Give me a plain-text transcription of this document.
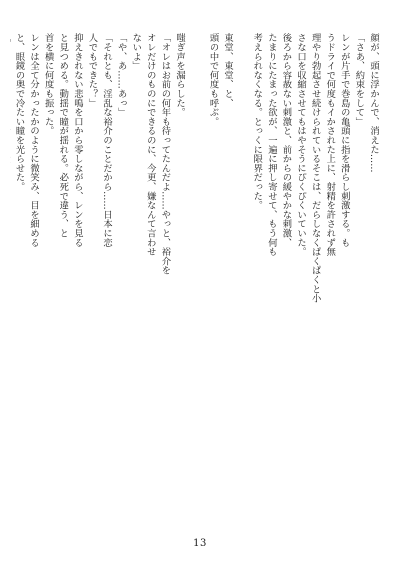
顔が、頭に浮かんで、消えた……
「さあ、約束をして」
レンが片手で巻島の亀頭に指を滑らし刺激する。も
うドライで何度もイかされた上に、射精を許されず無
理やり勃起させ続けられているそこは、だらしなくぱくぱくと小
さな口を収縮させてもはやそうにぴくぴくいていた。
後ろから容赦ない刺激と、前からの緩やかな刺激、
たまりにたまった欲が、一遍に押し寄せて、もう何も
考えられなくなる。とっくに限界だった。

東堂、東堂、と、
頭の中で何度も呼ぶ。

嗤ぎ声を漏らした。
「オレはお前の何年も待ってたんだよ……やっと、裕介を
オレだけのものにできるのに、今更、嫌なんて言わせ
ないよ」
「や、あ……あっ」
「それとも、淫乱な裕介のことだから……日本に恋
人でもできた？」
抑えきれない悲鳴を口から零しながら、レンを見る
と見つめる。動揺で瞳が揺れる。必死で違う、と
首を横に何度も振った。
レンは全て分かったかのように微笑み、目を細める
と、眼鏡の奥で冷たい瞳を光らせた。

13
